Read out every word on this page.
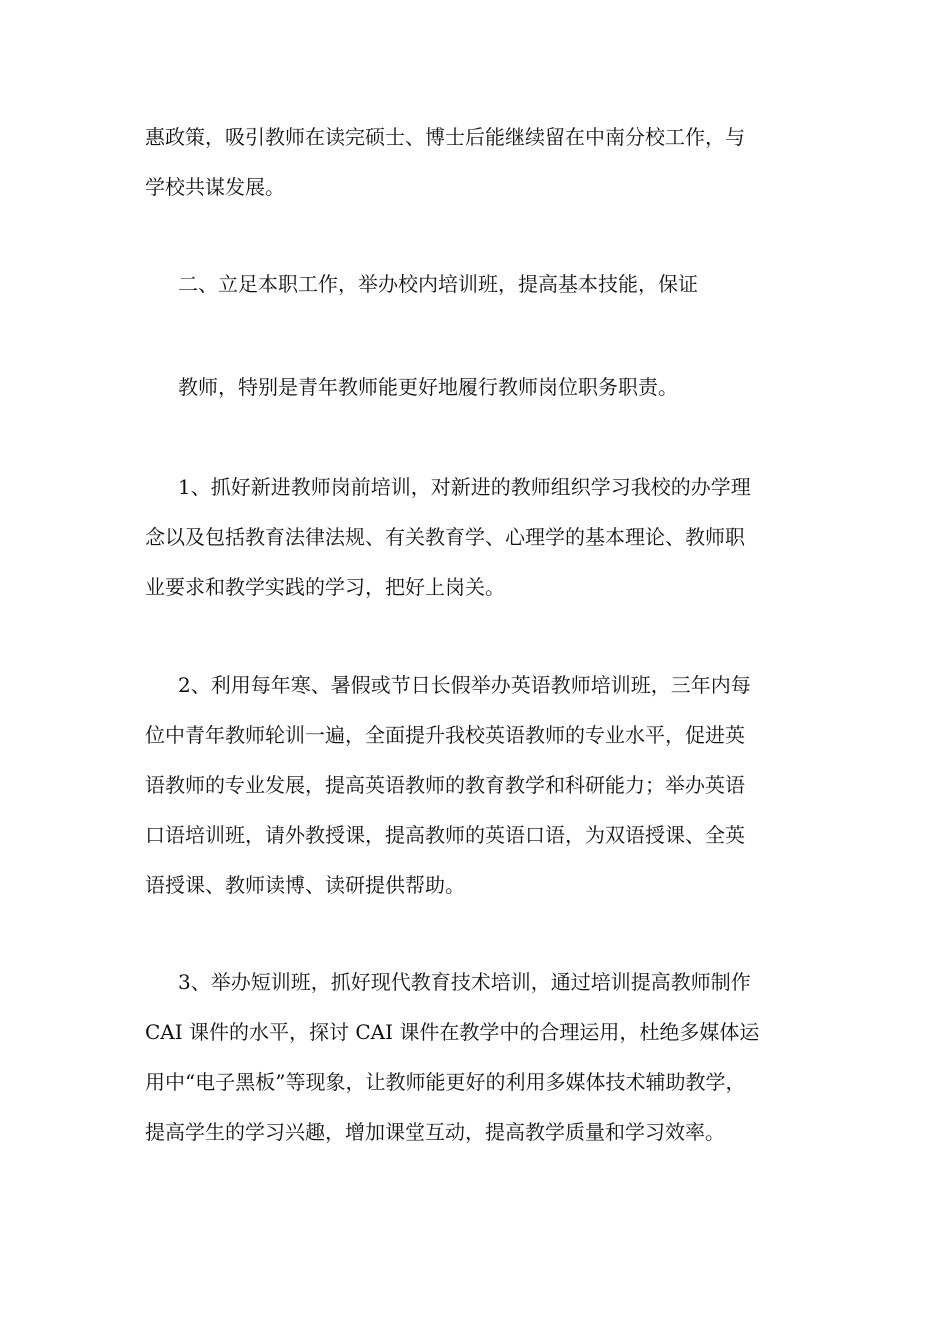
惠政策，吸引教师在读完硕士、博士后能继续留在中南分校工作，与
学校共谋发展。
二、立足本职工作，举办校内培训班，提高基本技能，保证
教师，特别是青年教师能更好地履行教师岗位职务职责。
1、抓好新进教师岗前培训，对新进的教师组织学习我校的办学理
念以及包括教育法律法规、有关教育学、心理学的基本理论、教师职
业要求和教学实践的学习，把好上岗关。
2、利用每年寒、暑假或节日长假举办英语教师培训班，三年内每
位中青年教师轮训一遍，全面提升我校英语教师的专业水平，促进英
语教师的专业发展，提高英语教师的教育教学和科研能力；举办英语
口语培训班，请外教授课，提高教师的英语口语，为双语授课、全英
语授课、教师读博、读研提供帮助。
3、举办短训班，抓好现代教育技术培训，通过培训提高教师制作
CAI 课件的水平，探讨 CAI 课件在教学中的合理运用，杜绝多媒体运
用中“电子黑板”等现象，让教师能更好的利用多媒体技术辅助教学，
提高学生的学习兴趣，增加课堂互动，提高教学质量和学习效率。
